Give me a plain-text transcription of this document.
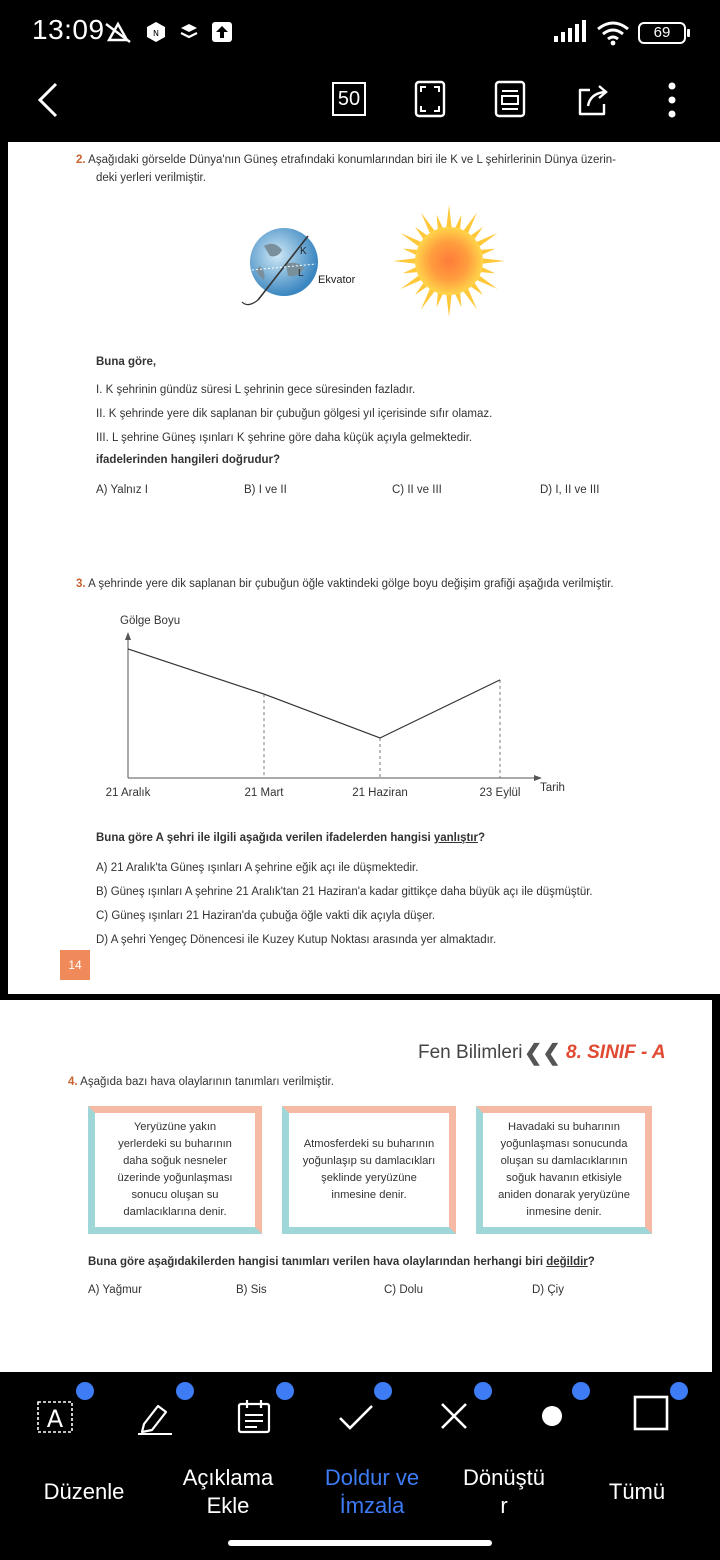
13:09	N	69
50
2. Aşağıdaki görselde Dünya'nın Güneş etrafındaki konumlarından biri ile K ve L şehirlerinin Dünya üzerin-
deki yerleri verilmiştir.
K
L
Ekvator
Buna göre,
I. K şehrinin gündüz süresi L şehrinin gece süresinden fazladır.
II. K şehrinde yere dik saplanan bir çubuğun gölgesi yıl içerisinde sıfır olamaz.
III. L şehrine Güneş ışınları K şehrine göre daha küçük açıyla gelmektedir.
ifadelerinden hangileri doğrudur?
A) Yalnız I	B) I ve II	C) II ve III	D) I, II ve III
3. A şehrinde yere dik saplanan bir çubuğun öğle vaktindeki gölge boyu değişim grafiği aşağıda verilmiştir.
Gölge Boyu
Tarih
21 Aralık	21 Mart	21 Haziran	23 Eylül
Buna göre A şehri ile ilgili aşağıda verilen ifadelerden hangisi yanlıştır?
A) 21 Aralık'ta Güneş ışınları A şehrine eğik açı ile düşmektedir.
B) Güneş ışınları A şehrine 21 Aralık'tan 21 Haziran'a kadar gittikçe daha büyük açı ile düşmüştür.
C) Güneş ışınları 21 Haziran'da çubuğa öğle vakti dik açıyla düşer.
D) A şehri Yengeç Dönencesi ile Kuzey Kutup Noktası arasında yer almaktadır.
14
Fen Bilimleri ❮❮ 8. SINIF - A
4. Aşağıda bazı hava olaylarının tanımları verilmiştir.
Yeryüzüne yakın
yerlerdeki su buharının
daha soğuk nesneler
üzerinde yoğunlaşması
sonucu oluşan su
damlacıklarına denir.
Atmosferdeki su buharının
yoğunlaşıp su damlacıkları
şeklinde yeryüzüne
inmesine denir.
Havadaki su buharının
yoğunlaşması sonucunda
oluşan su damlacıklarının
soğuk havanın etkisiyle
aniden donarak yeryüzüne
inmesine denir.
Buna göre aşağıdakilerden hangisi tanımları verilen hava olaylarından herhangi biri değildir?
A) Yağmur	B) Sis	C) Dolu	D) Çiy
A
Düzenle
Açıklama
Ekle
Doldur ve
İmzala
Dönüştü
r
Tümü
